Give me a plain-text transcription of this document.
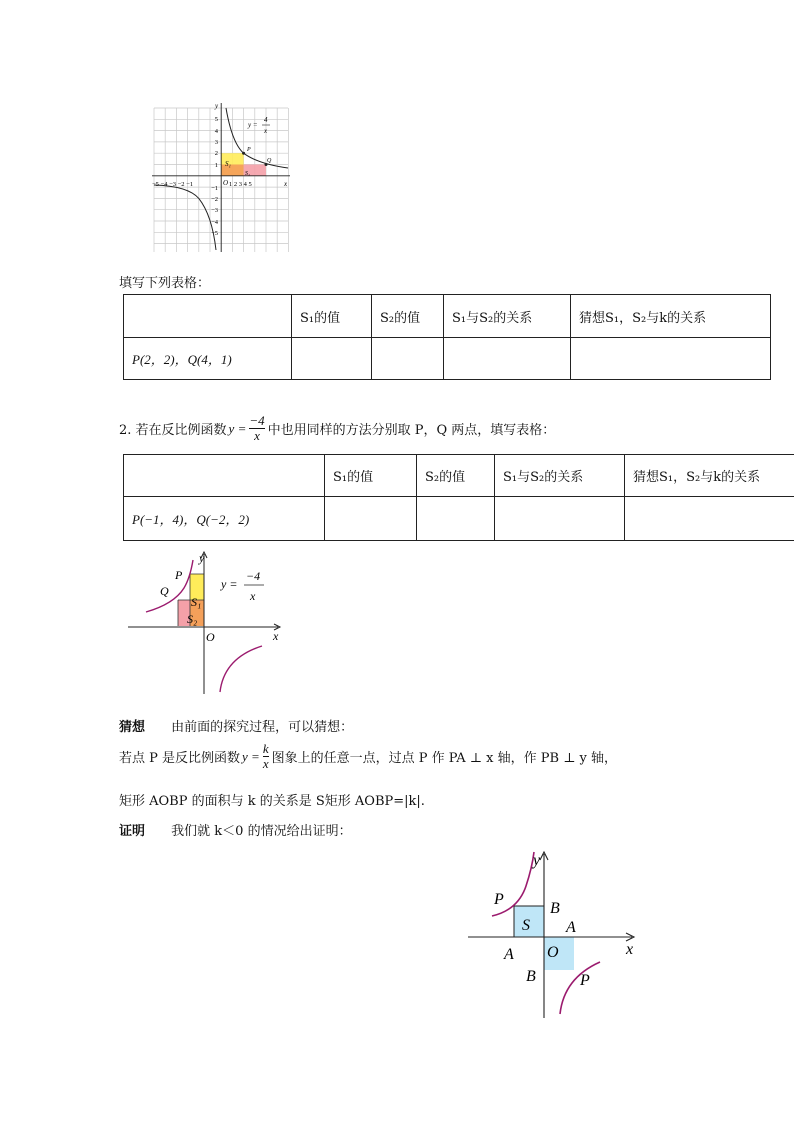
y
x
O
y =
4
x
P
Q
S₁
S₂
5
4
3
2
1
−1
−2
−3
−4
−5
−5 −4 −3 −2 −1	1 2 3 4 5
填写下列表格：
	S₁的值	S₂的值	S₁与S₂的关系	猜想S₁，S₂与k的关系
P(2，2)，Q(4，1)				
2. 若在反比例函数 $y = \frac{-4}{x}$ 中也用同样的方法分别取 P，Q 两点，填写表格：
	S₁的值	S₂的值	S₁与S₂的关系	猜想S₁，S₂与k的关系
P(−1，4)，Q(−2，2)				
y
x
O
P
Q
S₁
S₂
y =
−4
x
猜想 由前面的探究过程，可以猜想：
若点 P 是反比例函数 $y = \frac{k}{x}$ 图象上的任意一点，过点 P 作 PA ⊥ x 轴，作 PB ⊥ y 轴，
矩形 AOBP 的面积与 k 的关系是 S矩形 AOBP=|k|.
证明 我们就 k＜0 的情况给出证明：
y
x
O
P
B
S A
A
B	P
